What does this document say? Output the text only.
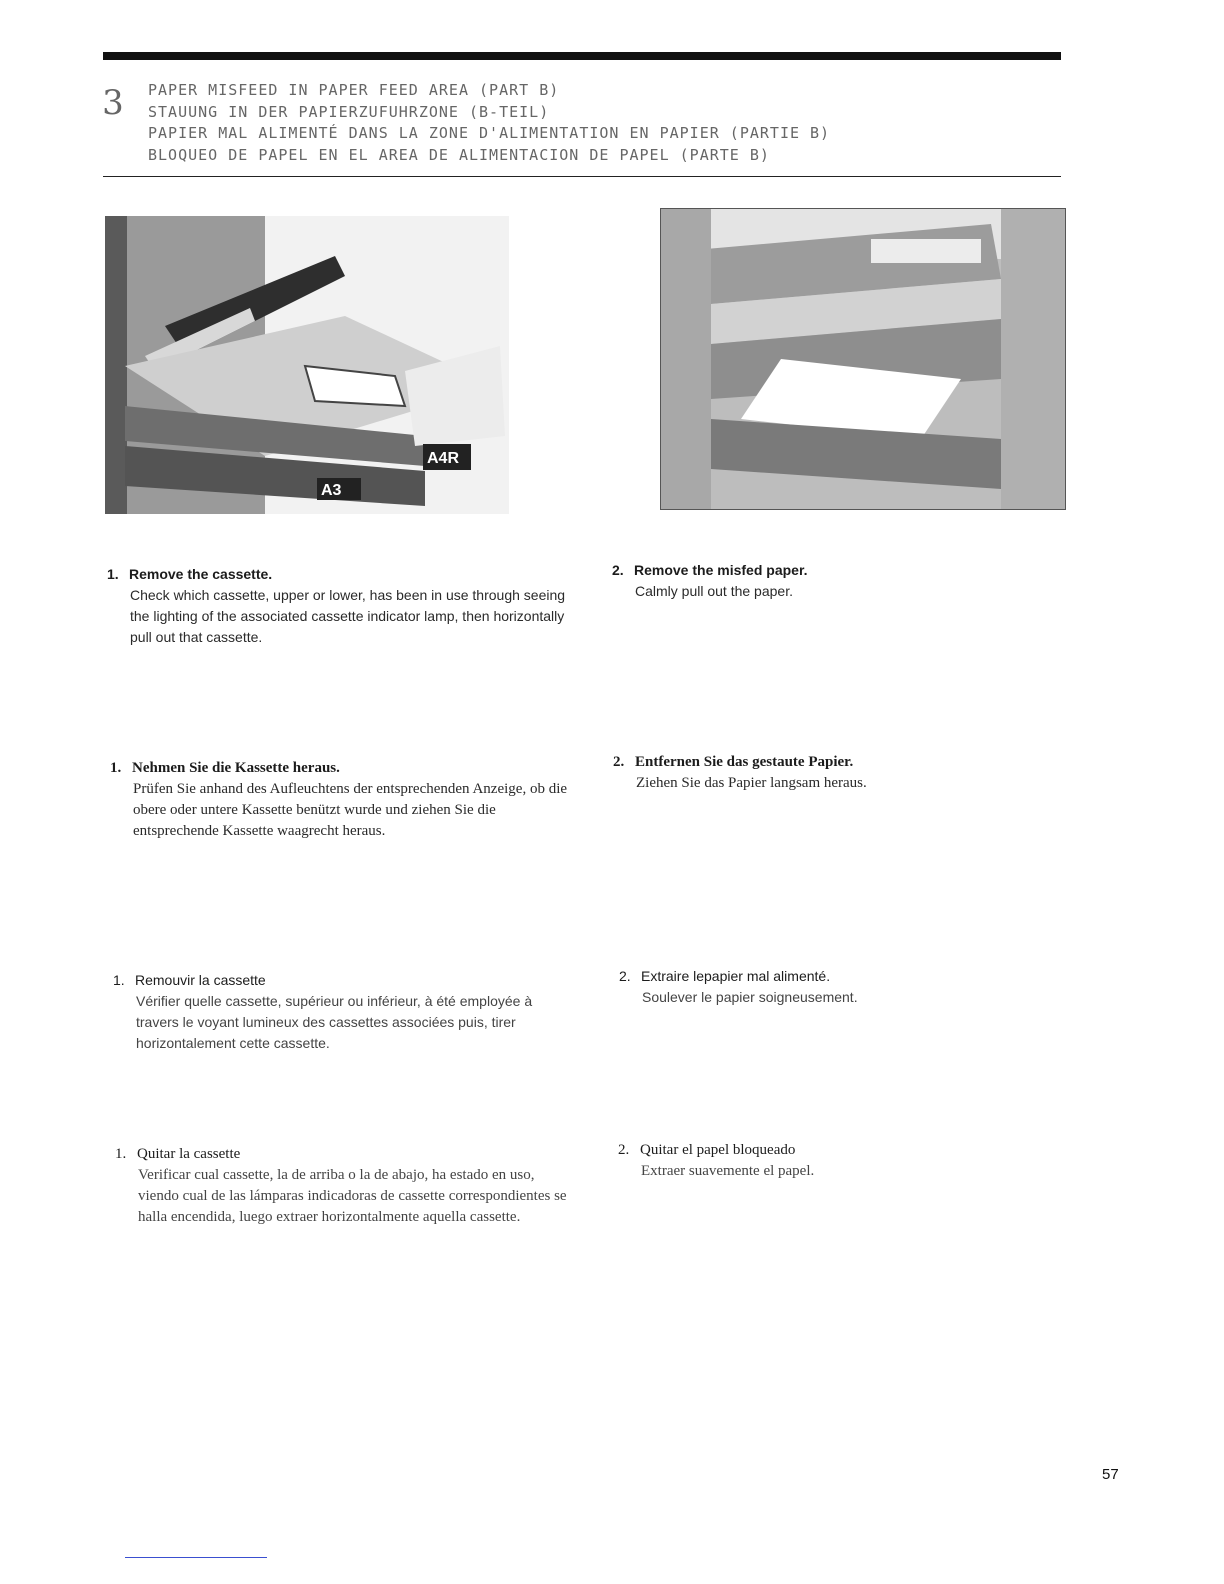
3 PAPER MISFEED IN PAPER FEED AREA (PART B)
STAUUNG IN DER PAPIERZUFUHRZONE (B-TEIL)
PAPIER MAL ALIMENTÉ DANS LA ZONE D'ALIMENTATION EN PAPIER (PARTIE B)
BLOQUEO DE PAPEL EN EL AREA DE ALIMENTACION DE PAPEL (PARTE B)
A4R
A3
1. Remove the cassette.
Check which cassette, upper or lower, has been in use through seeing the lighting of the associated cassette indicator lamp, then horizontally pull out that cassette.
2. Remove the misfed paper.
Calmly pull out the paper.
1. Nehmen Sie die Kassette heraus.
Prüfen Sie anhand des Aufleuchtens der entsprechenden Anzeige, ob die obere oder untere Kassette benützt wurde und ziehen Sie die entsprechende Kassette waagrecht heraus.
2. Entfernen Sie das gestaute Papier.
Ziehen Sie das Papier langsam heraus.
1. Remouvir la cassette
Vérifier quelle cassette, supérieur ou inférieur, à été employée à travers le voyant lumineux des cassettes associées puis, tirer horizontalement cette cassette.
2. Extraire lepapier mal alimenté.
Soulever le papier soigneusement.
1. Quitar la cassette
Verificar cual cassette, la de arriba o la de abajo, ha estado en uso, viendo cual de las lámparas indicadoras de cassette correspondientes se halla encendida, luego extraer horizontalmente aquella cassette.
2. Quitar el papel bloqueado
Extraer suavemente el papel.
57
